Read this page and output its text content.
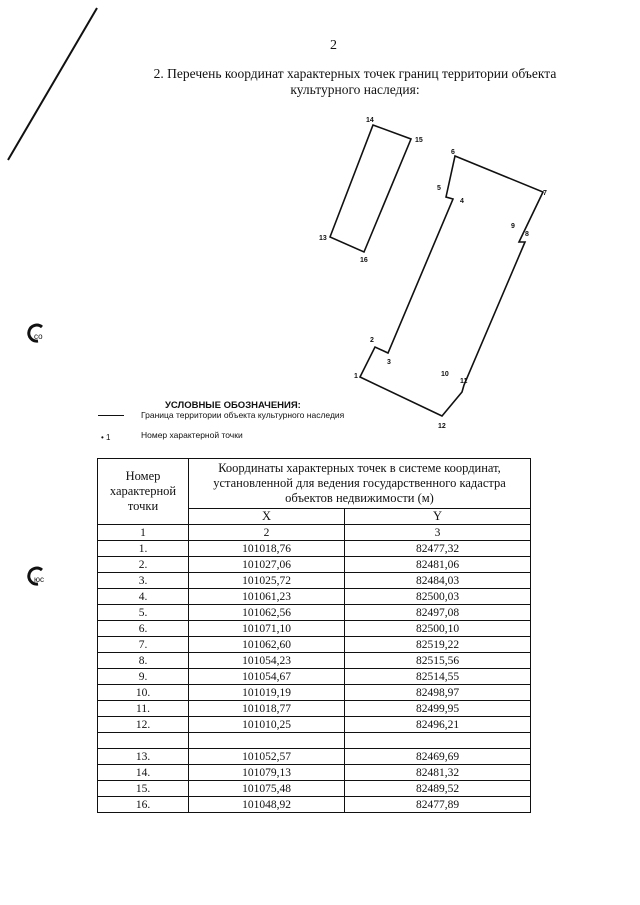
2
2. Перечень координат характерных точек границ территории объекта культурного наследия:
со
юс
14
15
13
16
6
5
4
7
9
8
2
3
1	10
11
12
УСЛОВНЫЕ ОБОЗНАЧЕНИЯ:
Граница территории объекта культурного наследия
• 1	Номер характерной точки
Номер характерной точки	Координаты характерных точек в системе координат, установленной для ведения государственного кадастра объектов недвижимости (м)	
	X	Y
1	2	3
1.	101018,76	82477,32
2.	101027,06	82481,06
3.	101025,72	82484,03
4.	101061,23	82500,03
5.	101062,56	82497,08
6.	101071,10	82500,10
7.	101062,60	82519,22
8.	101054,23	82515,56
9.	101054,67	82514,55
10.	101019,19	82498,97
11.	101018,77	82499,95
12.	101010,25	82496,21

13.	101052,57	82469,69
14.	101079,13	82481,32
15.	101075,48	82489,52
16.	101048,92	82477,89
